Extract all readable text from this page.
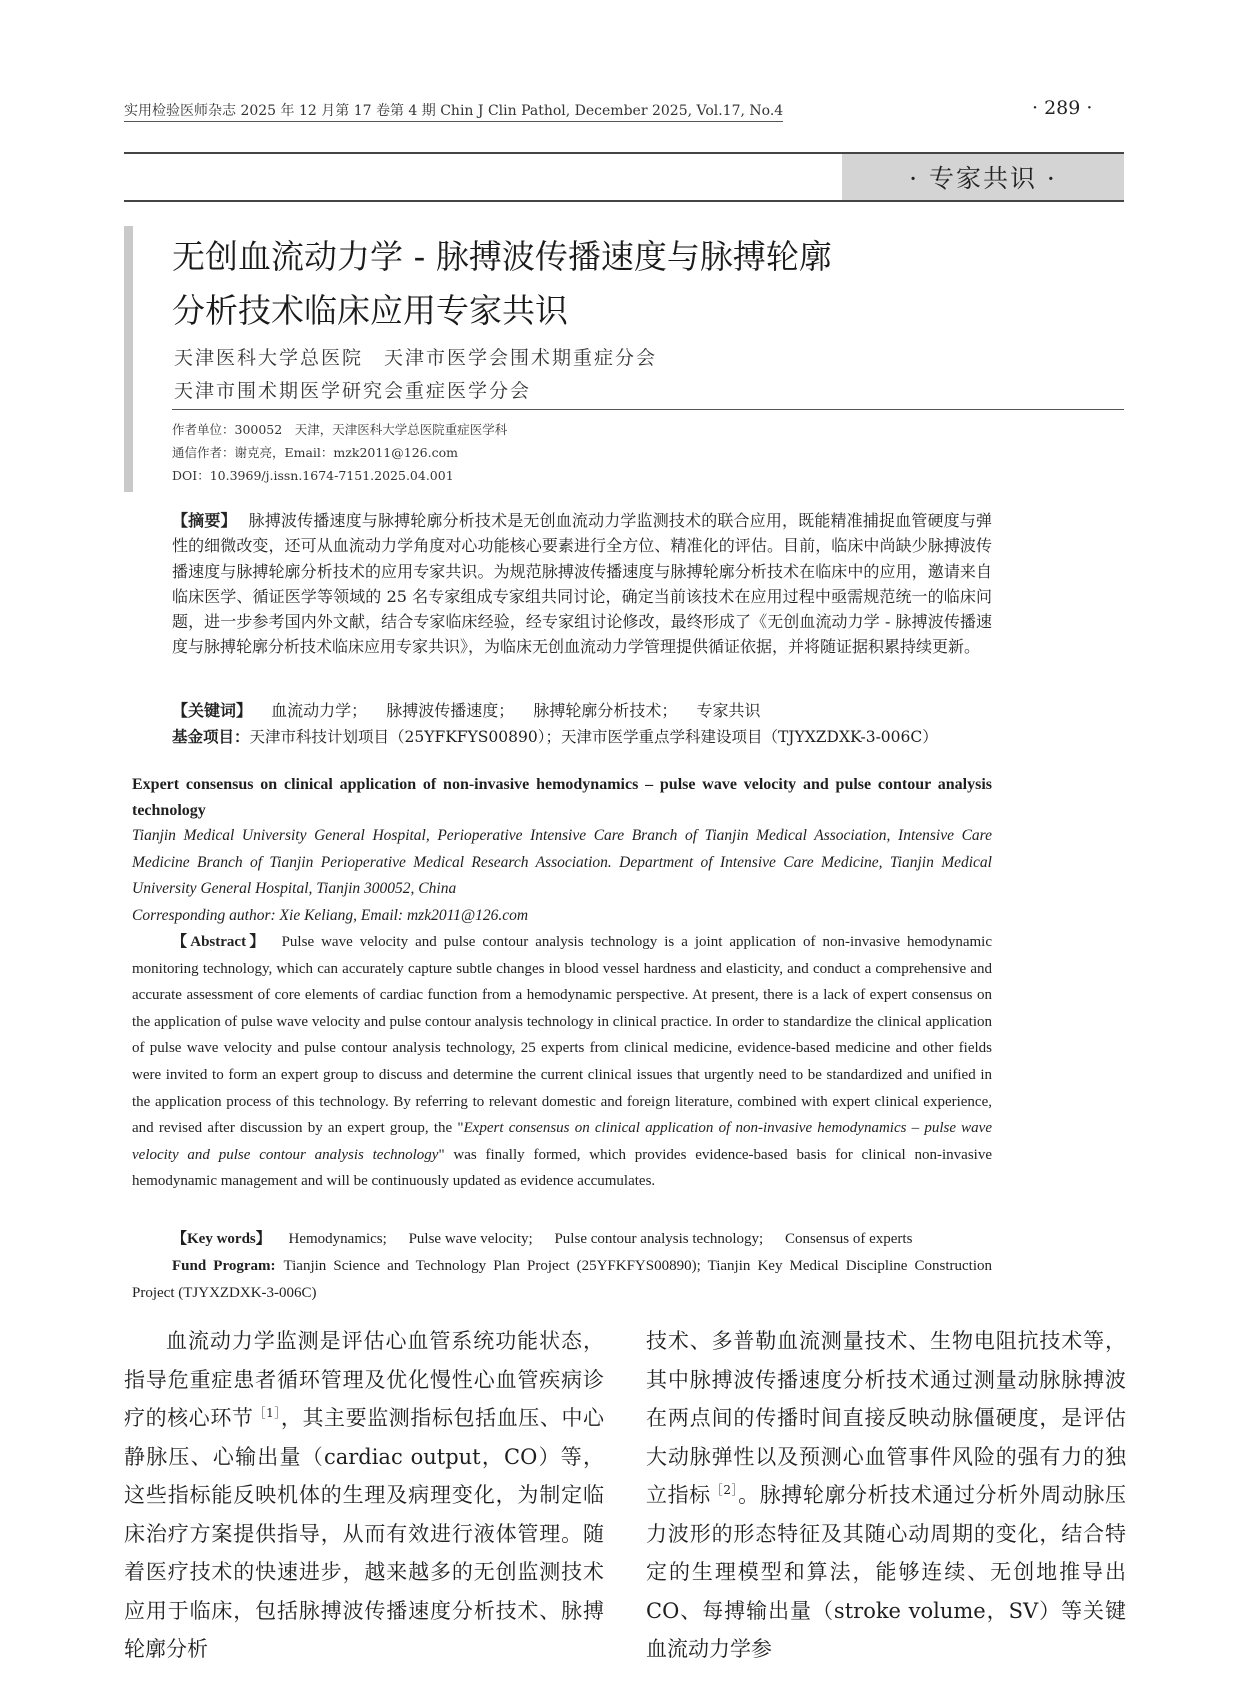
实用检验医师杂志 2025 年 12 月第 17 卷第 4 期 Chin J Clin Pathol, December 2025, Vol.17, No.4	· 289 ·
· 专家共识 ·
无创血流动力学 - 脉搏波传播速度与脉搏轮廓
分析技术临床应用专家共识
天津医科大学总医院　天津市医学会围术期重症分会
天津市围术期医学研究会重症医学分会
作者单位：300052　天津，天津医科大学总医院重症医学科
通信作者：谢克亮，Email：mzk2011@126.com
DOI：10.3969/j.issn.1674-7151.2025.04.001
【摘要】 脉搏波传播速度与脉搏轮廓分析技术是无创血流动力学监测技术的联合应用，既能精准捕捉血管硬度与弹性的细微改变，还可从血流动力学角度对心功能核心要素进行全方位、精准化的评估。目前，临床中尚缺少脉搏波传播速度与脉搏轮廓分析技术的应用专家共识。为规范脉搏波传播速度与脉搏轮廓分析技术在临床中的应用，邀请来自临床医学、循证医学等领域的 25 名专家组成专家组共同讨论，确定当前该技术在应用过程中亟需规范统一的临床问题，进一步参考国内外文献，结合专家临床经验，经专家组讨论修改，最终形成了《无创血流动力学 - 脉搏波传播速度与脉搏轮廓分析技术临床应用专家共识》，为临床无创血流动力学管理提供循证依据，并将随证据积累持续更新。
【关键词】 血流动力学； 脉搏波传播速度； 脉搏轮廓分析技术； 专家共识
基金项目：天津市科技计划项目（25YFKFYS00890）；天津市医学重点学科建设项目（TJYXZDXK-3-006C）
Expert consensus on clinical application of non-invasive hemodynamics – pulse wave velocity and pulse contour analysis technology
Tianjin Medical University General Hospital, Perioperative Intensive Care Branch of Tianjin Medical Association, Intensive Care Medicine Branch of Tianjin Perioperative Medical Research Association. Department of Intensive Care Medicine, Tianjin Medical University General Hospital, Tianjin 300052, China
Corresponding author: Xie Keliang, Email: mzk2011@126.com
【Abstract】 Pulse wave velocity and pulse contour analysis technology is a joint application of non-invasive hemodynamic monitoring technology, which can accurately capture subtle changes in blood vessel hardness and elasticity, and conduct a comprehensive and accurate assessment of core elements of cardiac function from a hemodynamic perspective. At present, there is a lack of expert consensus on the application of pulse wave velocity and pulse contour analysis technology in clinical practice. In order to standardize the clinical application of pulse wave velocity and pulse contour analysis technology, 25 experts from clinical medicine, evidence-based medicine and other fields were invited to form an expert group to discuss and determine the current clinical issues that urgently need to be standardized and unified in the application process of this technology. By referring to relevant domestic and foreign literature, combined with expert clinical experience, and revised after discussion by an expert group, the "Expert consensus on clinical application of non-invasive hemodynamics – pulse wave velocity and pulse contour analysis technology" was finally formed, which provides evidence-based basis for clinical non-invasive hemodynamic management and will be continuously updated as evidence accumulates.
【Key words】 Hemodynamics; Pulse wave velocity; Pulse contour analysis technology; Consensus of experts
Fund Program: Tianjin Science and Technology Plan Project (25YFKFYS00890); Tianjin Key Medical Discipline Construction Project (TJYXZDXK-3-006C)
血流动力学监测是评估心血管系统功能状态，指导危重症患者循环管理及优化慢性心血管疾病诊疗的核心环节$^{[1]}$，其主要监测指标包括血压、中心静脉压、心输出量（cardiac output，CO）等，这些指标能反映机体的生理及病理变化，为制定临床治疗方案提供指导，从而有效进行液体管理。随着医疗技术的快速进步，越来越多的无创监测技术应用于临床，包括脉搏波传播速度分析技术、脉搏轮廓分析
技术、多普勒血流测量技术、生物电阻抗技术等，其中脉搏波传播速度分析技术通过测量动脉脉搏波在两点间的传播时间直接反映动脉僵硬度，是评估大动脉弹性以及预测心血管事件风险的强有力的独立指标$^{[2]}$。脉搏轮廓分析技术通过分析外周动脉压力波形的形态特征及其随心动周期的变化，结合特定的生理模型和算法，能够连续、无创地推导出 CO、每搏输出量（stroke volume，SV）等关键血流动力学参
